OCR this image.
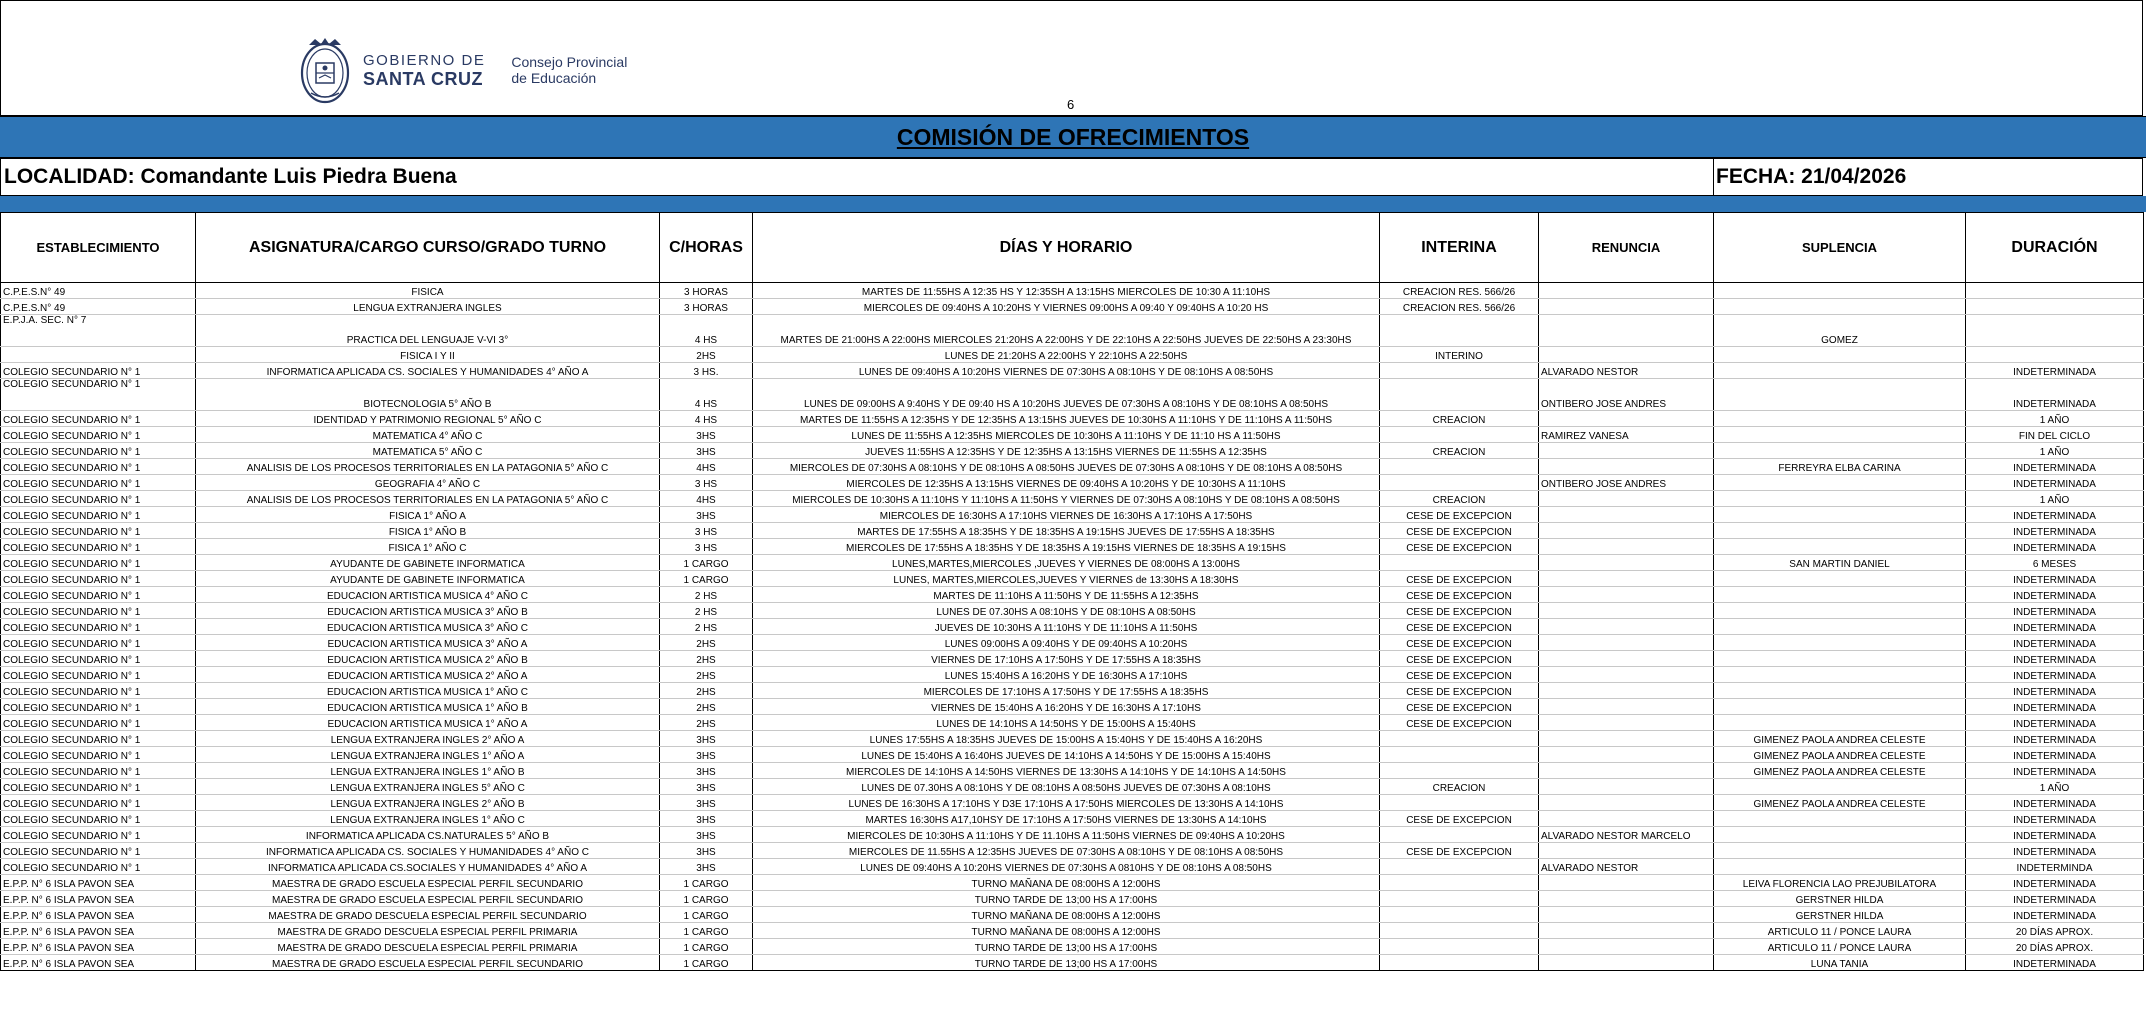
GOBIERNO DE
SANTA CRUZ
Consejo Provincial
de Educación
6
COMISIÓN DE OFRECIMIENTOS
LOCALIDAD: Comandante Luis Piedra Buena	FECHA: 21/04/2026
ESTABLECIMIENTO	ASIGNATURA/CARGO CURSO/GRADO TURNO	C/HORAS	DÍAS Y HORARIO	INTERINA	RENUNCIA	SUPLENCIA	DURACIÓN
C.P.E.S.N° 49	FISICA	3 HORAS	MARTES DE 11:55HS A 12:35 HS Y 12:35SH A 13:15HS MIERCOLES DE 10:30 A 11:10HS	CREACION RES. 566/26			
C.P.E.S.N° 49	LENGUA EXTRANJERA INGLES	3 HORAS	MIERCOLES DE 09:40HS A 10:20HS Y VIERNES 09:00HS A 09:40 Y 09:40HS A 10:20 HS	CREACION RES. 566/26			
E.P.J.A. SEC. N° 7	PRACTICA DEL LENGUAJE V-VI 3°	4 HS	MARTES DE 21:00HS A 22:00HS MIERCOLES 21:20HS A 22:00HS Y DE 22:10HS A 22:50HS JUEVES DE 22:50HS A 23:30HS			GOMEZ	
	FISICA I Y II	2HS	LUNES DE 21:20HS A 22:00HS Y 22:10HS A 22:50HS	INTERINO			
COLEGIO SECUNDARIO N° 1	INFORMATICA APLICADA CS. SOCIALES Y HUMANIDADES 4° AÑO A	3 HS.	LUNES DE 09:40HS A 10:20HS VIERNES DE 07:30HS A 08:10HS Y DE 08:10HS A 08:50HS		ALVARADO NESTOR		INDETERMINADA
COLEGIO SECUNDARIO N° 1	BIOTECNOLOGIA 5° AÑO B	4 HS	LUNES DE 09:00HS A 9:40HS Y DE 09:40 HS A 10:20HS JUEVES DE 07:30HS A 08:10HS Y DE 08:10HS A 08:50HS		ONTIBERO JOSE ANDRES		INDETERMINADA
COLEGIO SECUNDARIO N° 1	IDENTIDAD Y PATRIMONIO REGIONAL 5° AÑO C	4 HS	MARTES DE 11:55HS A 12:35HS Y DE 12:35HS A 13:15HS JUEVES DE 10:30HS A 11:10HS Y DE 11:10HS A 11:50HS	CREACION			1 AÑO
COLEGIO SECUNDARIO N° 1	MATEMATICA 4° AÑO C	3HS	LUNES DE 11:55HS A 12:35HS MIERCOLES DE 10:30HS A 11:10HS Y DE 11:10 HS A 11:50HS		RAMIREZ VANESA		FIN DEL CICLO
COLEGIO SECUNDARIO N° 1	MATEMATICA 5° AÑO C	3HS	JUEVES 11:55HS A 12:35HS Y DE 12:35HS A 13:15HS VIERNES DE 11:55HS A 12:35HS	CREACION			1 AÑO
COLEGIO SECUNDARIO N° 1	ANALISIS DE LOS PROCESOS TERRITORIALES EN LA PATAGONIA 5° AÑO C	4HS	MIERCOLES DE 07:30HS A 08:10HS Y DE 08:10HS A 08:50HS JUEVES DE 07:30HS A 08:10HS Y DE 08:10HS A 08:50HS			FERREYRA ELBA CARINA	INDETERMINADA
COLEGIO SECUNDARIO N° 1	GEOGRAFIA 4° AÑO C	3 HS	MIERCOLES DE 12:35HS A 13:15HS VIERNES DE 09:40HS A 10:20HS Y DE 10:30HS A 11:10HS		ONTIBERO JOSE ANDRES		INDETERMINADA
COLEGIO SECUNDARIO N° 1	ANALISIS DE LOS PROCESOS TERRITORIALES EN LA PATAGONIA 5° AÑO C	4HS	MIERCOLES DE 10:30HS A 11:10HS Y 11:10HS A 11:50HS Y VIERNES DE 07:30HS A 08:10HS Y DE 08:10HS A 08:50HS	CREACION			1 AÑO
COLEGIO SECUNDARIO N° 1	FISICA 1° AÑO A	3HS	MIERCOLES DE 16:30HS A 17:10HS VIERNES DE 16:30HS A 17:10HS A 17:50HS	CESE DE EXCEPCION			INDETERMINADA
COLEGIO SECUNDARIO N° 1	FISICA 1° AÑO B	3 HS	MARTES DE 17:55HS A 18:35HS Y DE 18:35HS A 19:15HS JUEVES DE 17:55HS A 18:35HS	CESE DE EXCEPCION			INDETERMINADA
COLEGIO SECUNDARIO N° 1	FISICA 1° AÑO C	3 HS	MIERCOLES DE 17:55HS A 18:35HS Y DE 18:35HS A 19:15HS VIERNES DE 18:35HS A 19:15HS	CESE DE EXCEPCION			INDETERMINADA
COLEGIO SECUNDARIO N° 1	AYUDANTE DE GABINETE INFORMATICA	1 CARGO	LUNES,MARTES,MIERCOLES ,JUEVES Y VIERNES DE 08:00HS A 13:00HS			SAN MARTIN DANIEL	6 MESES
COLEGIO SECUNDARIO N° 1	AYUDANTE DE GABINETE INFORMATICA	1 CARGO	LUNES, MARTES,MIERCOLES,JUEVES Y VIERNES de 13:30HS A 18:30HS	CESE DE EXCEPCION			INDETERMINADA
COLEGIO SECUNDARIO N° 1	EDUCACION ARTISTICA MUSICA 4° AÑO C	2 HS	MARTES DE 11:10HS A 11:50HS Y DE 11:55HS A 12:35HS	CESE DE EXCEPCION			INDETERMINADA
COLEGIO SECUNDARIO N° 1	EDUCACION ARTISTICA MUSICA 3° AÑO B	2 HS	LUNES DE 07.30HS A 08:10HS Y DE 08:10HS A 08:50HS	CESE DE EXCEPCION			INDETERMINADA
COLEGIO SECUNDARIO N° 1	EDUCACION ARTISTICA MUSICA 3° AÑO C	2 HS	JUEVES DE 10:30HS A 11:10HS Y DE 11:10HS A 11:50HS	CESE DE EXCEPCION			INDETERMINADA
COLEGIO SECUNDARIO N° 1	EDUCACION ARTISTICA MUSICA 3° AÑO A	2HS	LUNES 09:00HS A 09:40HS Y DE 09:40HS A 10:20HS	CESE DE EXCEPCION			INDETERMINADA
COLEGIO SECUNDARIO N° 1	EDUCACION ARTISTICA MUSICA 2° AÑO B	2HS	VIERNES DE 17:10HS A 17:50HS Y DE 17:55HS A 18:35HS	CESE DE EXCEPCION			INDETERMINADA
COLEGIO SECUNDARIO N° 1	EDUCACION ARTISTICA MUSICA 2° AÑO A	2HS	LUNES 15:40HS A 16:20HS Y DE 16:30HS A 17:10HS	CESE DE EXCEPCION			INDETERMINADA
COLEGIO SECUNDARIO N° 1	EDUCACION ARTISTICA MUSICA 1° AÑO C	2HS	MIERCOLES DE 17:10HS A 17:50HS Y DE 17:55HS A 18:35HS	CESE DE EXCEPCION			INDETERMINADA
COLEGIO SECUNDARIO N° 1	EDUCACION ARTISTICA MUSICA 1° AÑO B	2HS	VIERNES DE 15:40HS A 16:20HS Y DE 16:30HS A 17:10HS	CESE DE EXCEPCION			INDETERMINADA
COLEGIO SECUNDARIO N° 1	EDUCACION ARTISTICA MUSICA 1° AÑO A	2HS	LUNES DE 14:10HS A 14:50HS Y DE 15:00HS A 15:40HS	CESE DE EXCEPCION			INDETERMINADA
COLEGIO SECUNDARIO N° 1	LENGUA EXTRANJERA INGLES 2° AÑO A	3HS	LUNES 17:55HS A 18:35HS JUEVES DE 15:00HS A 15:40HS Y DE 15:40HS A 16:20HS			GIMENEZ PAOLA ANDREA CELESTE	INDETERMINADA
COLEGIO SECUNDARIO N° 1	LENGUA EXTRANJERA INGLES 1° AÑO A	3HS	LUNES DE 15:40HS A 16:40HS JUEVES DE 14:10HS A 14:50HS Y DE 15:00HS A 15:40HS			GIMENEZ PAOLA ANDREA CELESTE	INDETERMINADA
COLEGIO SECUNDARIO N° 1	LENGUA EXTRANJERA INGLES 1° AÑO B	3HS	MIERCOLES DE 14:10HS A 14:50HS VIERNES DE 13:30HS A 14:10HS Y DE 14:10HS A 14:50HS			GIMENEZ PAOLA ANDREA CELESTE	INDETERMINADA
COLEGIO SECUNDARIO N° 1	LENGUA EXTRANJERA INGLES 5° AÑO C	3HS	LUNES DE 07.30HS A 08:10HS Y DE 08:10HS A 08:50HS JUEVES DE 07:30HS A 08:10HS	CREACION			1 AÑO
COLEGIO SECUNDARIO N° 1	LENGUA EXTRANJERA INGLES 2° AÑO B	3HS	LUNES DE 16:30HS A 17:10HS Y D3E 17:10HS A 17:50HS MIERCOLES DE 13:30HS A 14:10HS			GIMENEZ PAOLA ANDREA CELESTE	INDETERMINADA
COLEGIO SECUNDARIO N° 1	LENGUA EXTRANJERA INGLES 1° AÑO C	3HS	MARTES 16:30HS A17,10HSY DE 17:10HS A 17:50HS VIERNES DE 13:30HS A 14:10HS	CESE DE EXCEPCION			INDETERMINADA
COLEGIO SECUNDARIO N° 1	INFORMATICA APLICADA CS.NATURALES 5° AÑO B	3HS	MIERCOLES DE 10:30HS A 11:10HS Y DE 11.10HS A 11:50HS VIERNES DE 09:40HS A 10:20HS		ALVARADO NESTOR MARCELO		INDETERMINADA
COLEGIO SECUNDARIO N° 1	INFORMATICA APLICADA CS. SOCIALES Y HUMANIDADES 4° AÑO C	3HS	MIERCOLES DE 11.55HS A 12:35HS JUEVES DE 07:30HS A 08:10HS Y DE 08:10HS A 08:50HS	CESE DE EXCEPCION			INDETERMINADA
COLEGIO SECUNDARIO N° 1	INFORMATICA APLICADA CS.SOCIALES Y HUMANIDADES 4° AÑO A	3HS	LUNES DE 09:40HS A 10:20HS VIERNES DE 07:30HS A 0810HS Y DE 08:10HS A 08:50HS		ALVARADO NESTOR		INDETERMINDA
E.P.P. N° 6 ISLA PAVON SEA	MAESTRA DE GRADO ESCUELA ESPECIAL PERFIL SECUNDARIO	1 CARGO	TURNO MAÑANA DE 08:00HS A 12:00HS			LEIVA FLORENCIA LAO PREJUBILATORA	INDETERMINADA
E.P.P. N° 6 ISLA PAVON SEA	MAESTRA DE GRADO ESCUELA ESPECIAL PERFIL SECUNDARIO	1 CARGO	TURNO TARDE DE 13;00 HS A 17:00HS			GERSTNER HILDA	INDETERMINADA
E.P.P. N° 6 ISLA PAVON SEA	MAESTRA DE GRADO DESCUELA ESPECIAL PERFIL SECUNDARIO	1 CARGO	TURNO MAÑANA DE 08:00HS A 12:00HS			GERSTNER HILDA	INDETERMINADA
E.P.P. N° 6 ISLA PAVON SEA	MAESTRA DE GRADO DESCUELA ESPECIAL PERFIL PRIMARIA	1 CARGO	TURNO MAÑANA DE 08:00HS A 12:00HS			ARTICULO 11 / PONCE LAURA	20 DÍAS APROX.
E.P.P. N° 6 ISLA PAVON SEA	MAESTRA DE GRADO DESCUELA ESPECIAL PERFIL PRIMARIA	1 CARGO	TURNO TARDE DE 13;00 HS A 17:00HS			ARTICULO 11 / PONCE LAURA	20 DÍAS APROX.
E.P.P. N° 6 ISLA PAVON SEA	MAESTRA DE GRADO ESCUELA ESPECIAL PERFIL SECUNDARIO	1 CARGO	TURNO TARDE DE 13;00 HS A 17:00HS			LUNA TANIA	INDETERMINADA
